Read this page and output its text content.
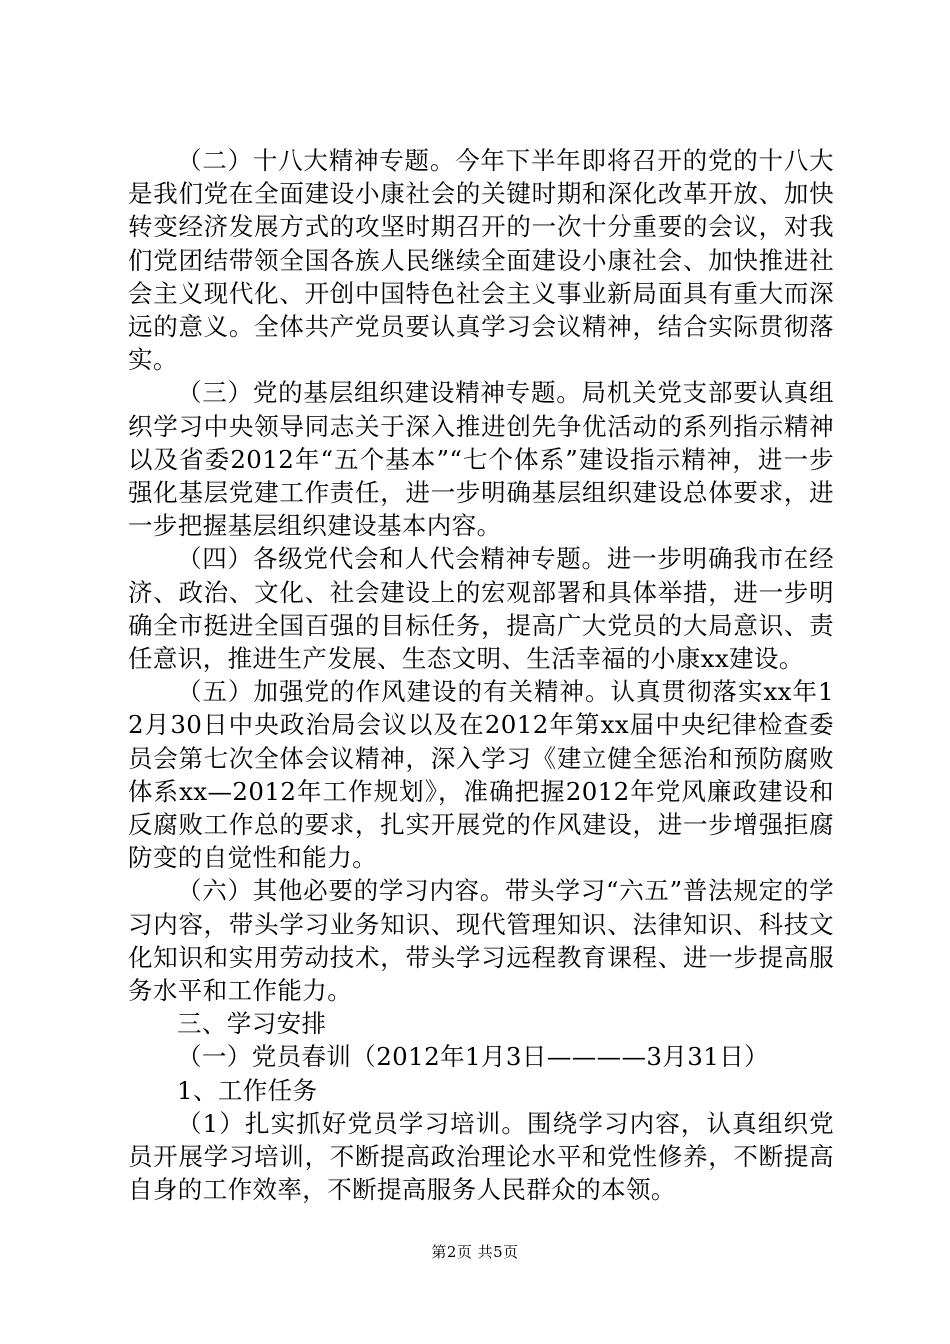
（二）十八大精神专题。今年下半年即将召开的党的十八大是我们党在全面建设小康社会的关键时期和深化改革开放、加快转变经济发展方式的攻坚时期召开的一次十分重要的会议，对我们党团结带领全国各族人民继续全面建设小康社会、加快推进社会主义现代化、开创中国特色社会主义事业新局面具有重大而深远的意义。全体共产党员要认真学习会议精神，结合实际贯彻落实。

（三）党的基层组织建设精神专题。局机关党支部要认真组织学习中央领导同志关于深入推进创先争优活动的系列指示精神以及省委2012年“五个基本”“七个体系”建设指示精神，进一步强化基层党建工作责任，进一步明确基层组织建设总体要求，进一步把握基层组织建设基本内容。

（四）各级党代会和人代会精神专题。进一步明确我市在经济、政治、文化、社会建设上的宏观部署和具体举措，进一步明确全市挺进全国百强的目标任务，提高广大党员的大局意识、责任意识，推进生产发展、生态文明、生活幸福的小康xx建设。

（五）加强党的作风建设的有关精神。认真贯彻落实xx年12月30日中央政治局会议以及在2012年第xx届中央纪律检查委员会第七次全体会议精神，深入学习《建立健全惩治和预防腐败体系xx—2012年工作规划》，准确把握2012年党风廉政建设和反腐败工作总的要求，扎实开展党的作风建设，进一步增强拒腐防变的自觉性和能力。

（六）其他必要的学习内容。带头学习“六五”普法规定的学习内容，带头学习业务知识、现代管理知识、法律知识、科技文化知识和实用劳动技术，带头学习远程教育课程、进一步提高服务水平和工作能力。

三、学习安排

（一）党员春训（2012年1月3日————3月31日）

1、工作任务

（1）扎实抓好党员学习培训。围绕学习内容，认真组织党员开展学习培训，不断提高政治理论水平和党性修养，不断提高自身的工作效率，不断提高服务人民群众的本领。

第2页 共5页
